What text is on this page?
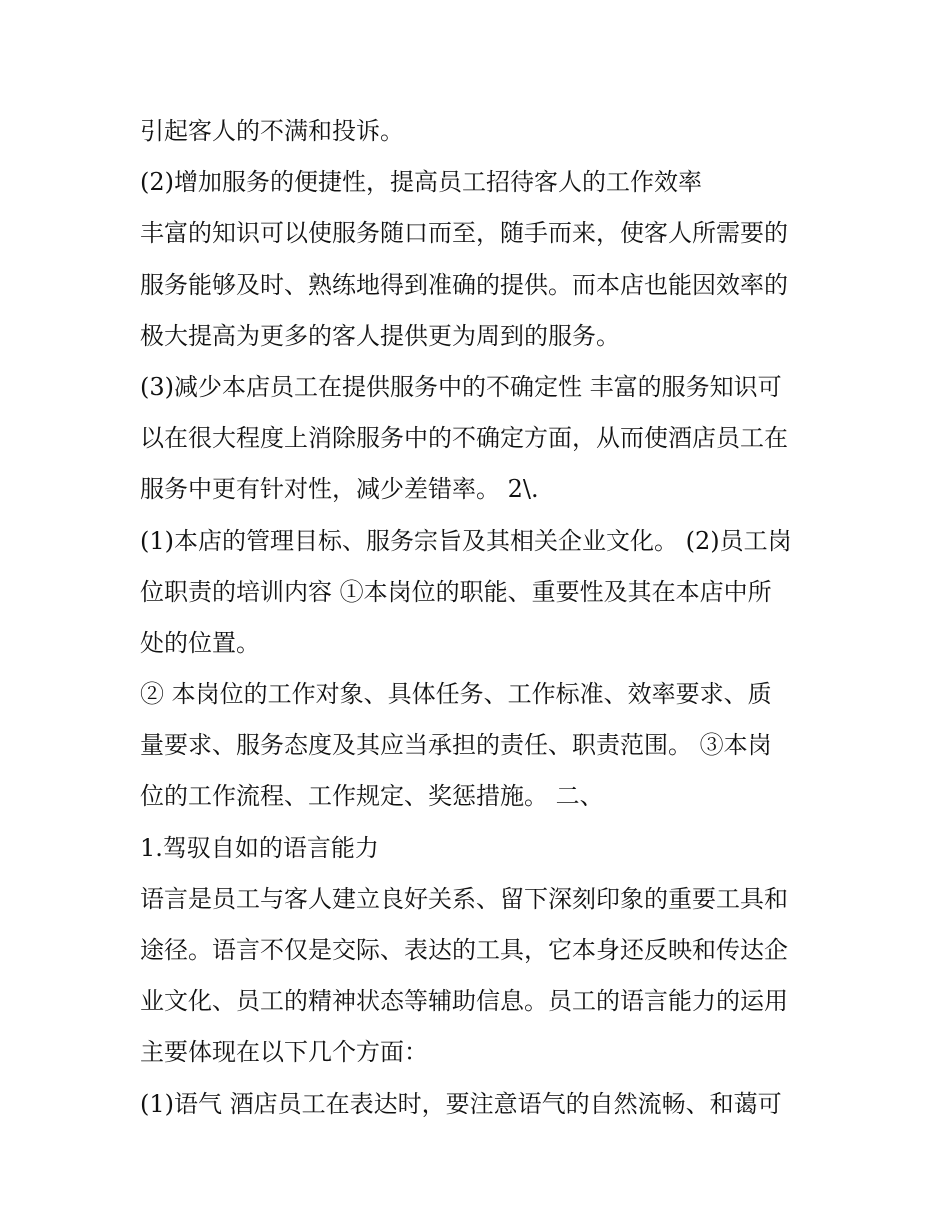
引起客人的不满和投诉。
(2)增加服务的便捷性，提高员工招待客人的工作效率
丰富的知识可以使服务随口而至，随手而来，使客人所需要的
服务能够及时、熟练地得到准确的提供。而本店也能因效率的
极大提高为更多的客人提供更为周到的服务。
(3)减少本店员工在提供服务中的不确定性 丰富的服务知识可
以在很大程度上消除服务中的不确定方面，从而使酒店员工在
服务中更有针对性，减少差错率。 2\.
(1)本店的管理目标、服务宗旨及其相关企业文化。 (2)员工岗
位职责的培训内容 ①本岗位的职能、重要性及其在本店中所
处的位置。
② 本岗位的工作对象、具体任务、工作标准、效率要求、质
量要求、服务态度及其应当承担的责任、职责范围。 ③本岗
位的工作流程、工作规定、奖惩措施。 二、
1.驾驭自如的语言能力
语言是员工与客人建立良好关系、留下深刻印象的重要工具和
途径。语言不仅是交际、表达的工具，它本身还反映和传达企
业文化、员工的精神状态等辅助信息。员工的语言能力的运用
主要体现在以下几个方面：
(1)语气 酒店员工在表达时，要注意语气的自然流畅、和蔼可
